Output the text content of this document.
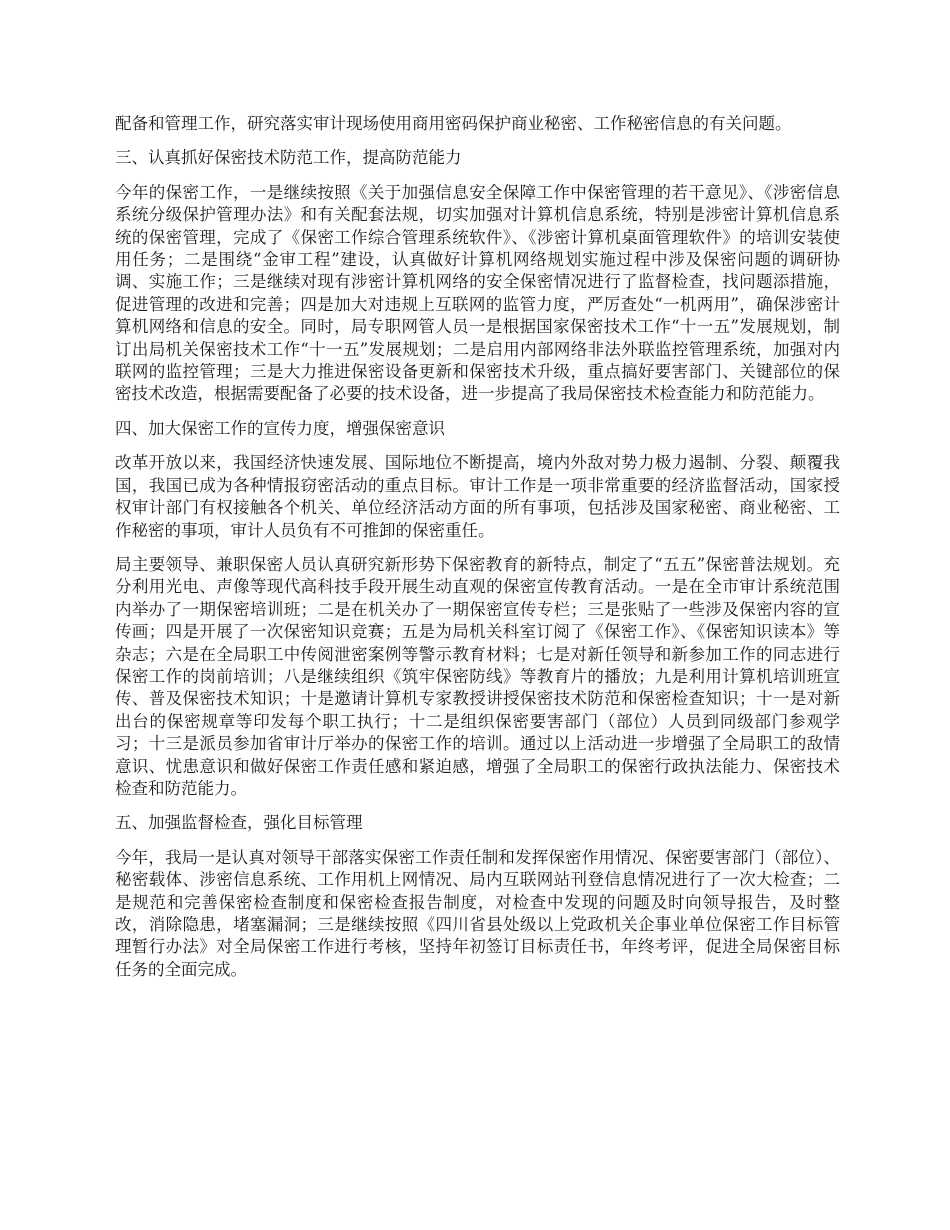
配备和管理工作，研究落实审计现场使用商用密码保护商业秘密、工作秘密信息的有关问题。

三、认真抓好保密技术防范工作，提高防范能力

今年的保密工作，一是继续按照《关于加强信息安全保障工作中保密管理的若干意见》、《涉密信息系统分级保护管理办法》和有关配套法规，切实加强对计算机信息系统，特别是涉密计算机信息系统的保密管理，完成了《保密工作综合管理系统软件》、《涉密计算机桌面管理软件》的培训安装使用任务；二是围绕“金审工程”建设，认真做好计算机网络规划实施过程中涉及保密问题的调研协调、实施工作；三是继续对现有涉密计算机网络的安全保密情况进行了监督检查，找问题添措施，促进管理的改进和完善；四是加大对违规上互联网的监管力度，严厉查处“一机两用”，确保涉密计算机网络和信息的安全。同时，局专职网管人员一是根据国家保密技术工作“十一五”发展规划，制订出局机关保密技术工作“十一五”发展规划；二是启用内部网络非法外联监控管理系统，加强对内联网的监控管理；三是大力推进保密设备更新和保密技术升级，重点搞好要害部门、关键部位的保密技术改造，根据需要配备了必要的技术设备，进一步提高了我局保密技术检查能力和防范能力。

四、加大保密工作的宣传力度，增强保密意识

改革开放以来，我国经济快速发展、国际地位不断提高，境内外敌对势力极力遏制、分裂、颠覆我国，我国已成为各种情报窃密活动的重点目标。审计工作是一项非常重要的经济监督活动，国家授权审计部门有权接触各个机关、单位经济活动方面的所有事项，包括涉及国家秘密、商业秘密、工作秘密的事项，审计人员负有不可推卸的保密重任。

局主要领导、兼职保密人员认真研究新形势下保密教育的新特点，制定了“五五”保密普法规划。充分利用光电、声像等现代高科技手段开展生动直观的保密宣传教育活动。一是在全市审计系统范围内举办了一期保密培训班；二是在机关办了一期保密宣传专栏；三是张贴了一些涉及保密内容的宣传画；四是开展了一次保密知识竞赛；五是为局机关科室订阅了《保密工作》、《保密知识读本》等杂志；六是在全局职工中传阅泄密案例等警示教育材料；七是对新任领导和新参加工作的同志进行保密工作的岗前培训；八是继续组织《筑牢保密防线》等教育片的播放；九是利用计算机培训班宣传、普及保密技术知识；十是邀请计算机专家教授讲授保密技术防范和保密检查知识；十一是对新出台的保密规章等印发每个职工执行；十二是组织保密要害部门（部位）人员到同级部门参观学习；十三是派员参加省审计厅举办的保密工作的培训。通过以上活动进一步增强了全局职工的敌情意识、忧患意识和做好保密工作责任感和紧迫感，增强了全局职工的保密行政执法能力、保密技术检查和防范能力。

五、加强监督检查，强化目标管理

今年，我局一是认真对领导干部落实保密工作责任制和发挥保密作用情况、保密要害部门（部位）、秘密载体、涉密信息系统、工作用机上网情况、局内互联网站刊登信息情况进行了一次大检查；二是规范和完善保密检查制度和保密检查报告制度，对检查中发现的问题及时向领导报告，及时整改，消除隐患，堵塞漏洞；三是继续按照《四川省县处级以上党政机关企事业单位保密工作目标管理暂行办法》对全局保密工作进行考核，坚持年初签订目标责任书，年终考评，促进全局保密目标任务的全面完成。
